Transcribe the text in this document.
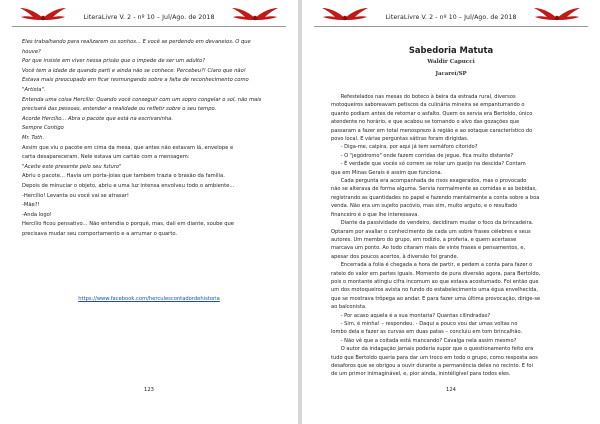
LiteraLivre V. 2 - nº 10 – Jul/Ago. de 2018

Eles trabalhando para realizarem os sonhos... E você se perdendo em devaneios. O que

houve?

Por que insiste em viver nessa prisão que o impede de ser um adulto?

Você tem a idade de quando parti e ainda não se conhece. Percebeu?! Claro que não!

Estava mais preocupado em ficar resmungando sobre a falta de reconhecimento como

"Artista".

Entenda uma coisa Hercílio: Quando você conseguir com um sopro congelar o sol, não mais

precisará das pessoas, entender a realidade ou refletir sobre o seu tempo.

Acorde Hercílio... Abra o pacote que está na escrivaninha.

Sempre Contigo

Mr. Toth.

Assim que viu o pacote em cima da mesa, que antes não estavam lá, envelope e

carta desapareceram. Nele estava um cartão com a mensagem:

"Aceite este presente pelo seu futuro"

Abriu o pacote... Havia um porta-joias que também trazia o brasão da família.

Depois de minuciar o objeto, abriu e uma luz intensa envolveu todo o ambiente...

-Hercílio! Levanta ou você vai se atrasar!

-Mãe?!

-Anda logo!

Hercílio ficou pensativo... Não entendia o porquê, mas, dali em diante, soube que

precisava mudar seu comportamento e a arrumar o quarto.

https://www.facebook.com/herculescontadordehistoria
123
LiteraLivre V. 2 - nº 10 – Jul/Ago. de 2018
Sabedoria Matuta
Waldir Capucci
Jacareí/SP

Refestelados nas mesas do boteco à beira da estrada rural, diversos

motoqueiros saboreavam petiscos da culinária mineira se empanturrando o

quanto podiam antes de retornar o asfalto. Quem os servia era Bertoldo, único

atendente no horário, e que acabou se tornando o alvo das gozações que

passaram a fazer em total menosprezo à região e ao sotaque característico do

povo local. E várias perguntas sátiras foram dirigidas.

- Diga-me, caipira, por aqui já tem semáforo citorido?

- O "jegódromo" onde fazem corridas de jegue, fica muito distante?

- É verdade que vocês só correm se rolar um queijo na descida? Contam

que em Minas Gerais é assim que funciona.

Cada pergunta era acompanhada de risos exagerados, mas o provocado

não se alterava de forma alguma. Servia normalmente as comidas e as bebidas,

registrando as quantidades no papel e fazendo mentalmente a conta sobre a boa

venda. Não era um sujeito pacóvio, mas sim, muito arguto, e o resultado

financeiro é o que lhe interessava.

Diante da passividade do vendeiro, decidiram mudar o foco da brincadeira.

Optaram por avaliar o conhecimento de cada um sobre frases célebres e seus

autores. Um membro do grupo, em rodízio, a proferia, e quem acertasse

marcava um ponto. Ao todo citaram mais de vinte frases e pensamentos, e,

apesar dos poucos acertos, à diversão foi grande.

Encerrada a folia é chegada a hora de partir, e pedem a conta para fazer o

rateio do valor em partes iguais. Momento de pura diversão agora, para Bertoldo,

pois o montante atingiu cifra incomum ao que estava acostumado. Foi então que

um dos motoqueiros avista no fundo do estabelecimento uma égua envelhecida,

que se mostrava trôpega ao andar. E para fazer uma última provocação, dirige-se

ao balconista.

- Por acaso aquela é a sua montaria? Quantas cilindradas?

- Sim, é minha! – respondeu. - Daqui a pouco vou dar umas voltas no

lombo dela e fazer as curvas em duas patas – concluiu em tom brincalhão.

- Não vê que a coitada está mancando? Cavalga nela assim mesmo?

O autor da indagação jamais poderia supor que o questionamento feito era

tudo que Bertoldo queria para dar um troco em todo o grupo, como resposta aos

desaforos que se obrigou a ouvir durante a permanência deles no recinto. E foi

de um primor inimaginável, e, pior ainda, inintéligível para todos eles.

124
